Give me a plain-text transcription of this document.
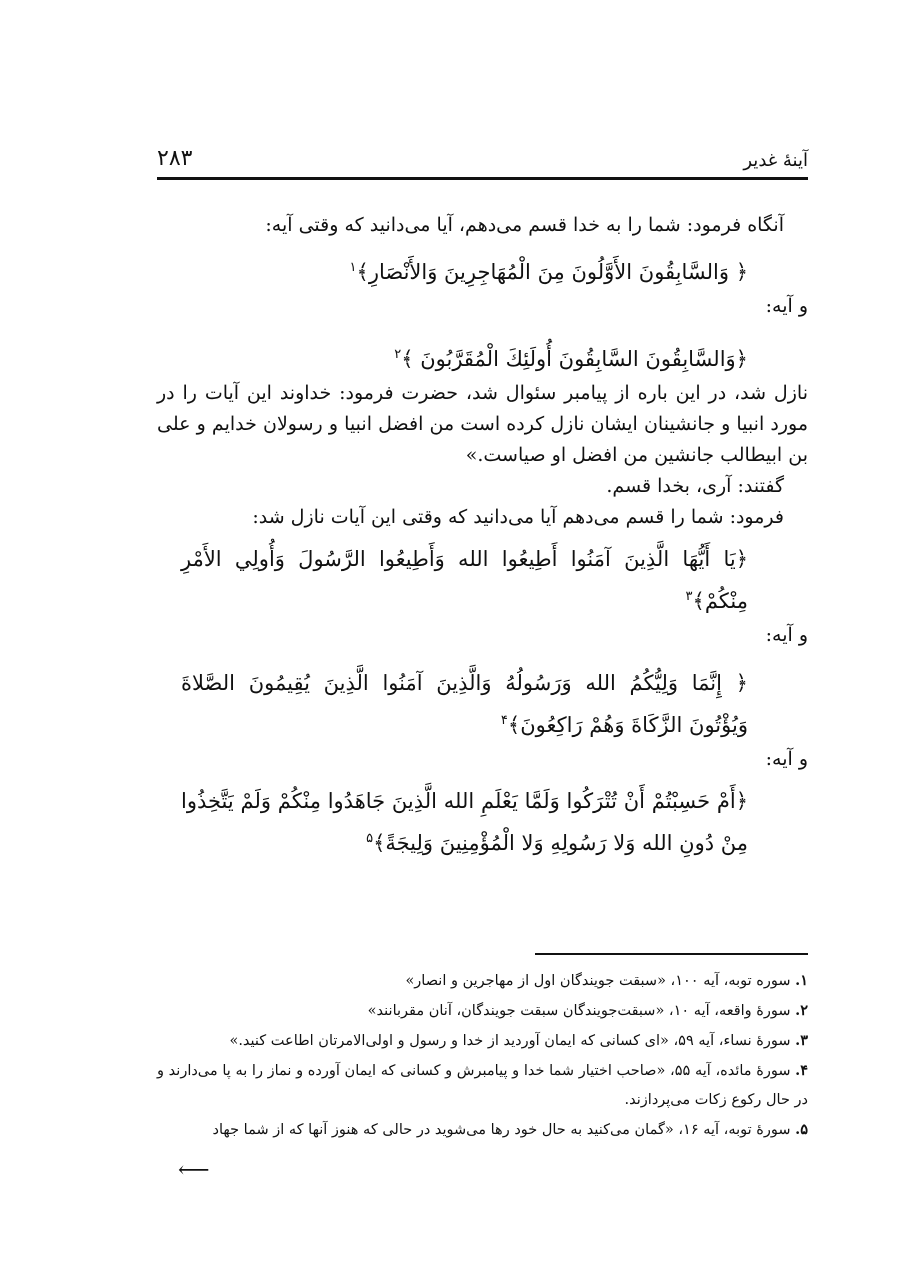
آینهٔ غدیر
۲۸۳
آنگاه فرمود: شما را به خدا قسم می‌دهم، آیا می‌دانید که وقتی آیه:
﴿ وَالسَّابِقُونَ الأَوَّلُونَ مِنَ الْمُهَاجِرِينَ وَالأَنْصَارِ﴾$^۱$
و آیه:
﴿وَالسَّابِقُونَ السَّابِقُونَ أُولَئِكَ الْمُقَرَّبُونَ ﴾$^۲$
نازل شد، در این باره از پیامبر سئوال شد، حضرت فرمود: خداوند این آیات را در مورد انبیا و جانشینان ایشان نازل کرده است من افضل انبیا و رسولان خدایم و علی بن ابیطالب جانشین من افضل او صیاست.»
گفتند: آری، بخدا قسم.
فرمود: شما را قسم می‌دهم آیا می‌دانید که وقتی این آیات نازل شد:
﴿يَا أَيُّهَا الَّذِينَ آمَنُوا أَطِيعُوا الله وَأَطِيعُوا الرَّسُولَ وَأُولِي الأَمْرِ مِنْكُمْ﴾$^۳$
و آیه:
﴿ إِنَّمَا وَلِيُّكُمُ الله وَرَسُولُهُ وَالَّذِينَ آمَنُوا الَّذِينَ يُقِيمُونَ الصَّلاةَ وَيُؤْتُونَ الزَّكَاةَ وَهُمْ رَاكِعُونَ﴾$^۴$
و آیه:
﴿أَمْ حَسِبْتُمْ أَنْ تُتْرَكُوا وَلَمَّا يَعْلَمِ الله الَّذِينَ جَاهَدُوا مِنْكُمْ وَلَمْ يَتَّخِذُوا مِنْ دُونِ الله وَلا رَسُولِهِ وَلا الْمُؤْمِنِينَ وَلِيجَةً﴾$^۵$
۱. سوره توبه، آیه ۱۰۰، «سبقت جویندگان اول از مهاجرین و انصار»
۲. سورهٔ واقعه، آیه ۱۰، «سبقت‌جویندگان سبقت جویندگان، آنان مقربانند»
۳. سورهٔ نساء، آیه ۵۹، «ای کسانی که ایمان آوردید از خدا و رسول و اولی‌الامرتان اطاعت کنید.»
۴. سورهٔ مائده، آیه ۵۵، «صاحب اختیار شما خدا و پیامبرش و کسانی که ایمان آورده و نماز را به پا می‌دارند و در حال رکوع زکات می‌پردازند.
۵. سورهٔ توبه، آیه ۱۶، «گمان می‌کنید به حال خود رها می‌شوید در حالی که هنوز آنها که از شما جهاد
⟵
